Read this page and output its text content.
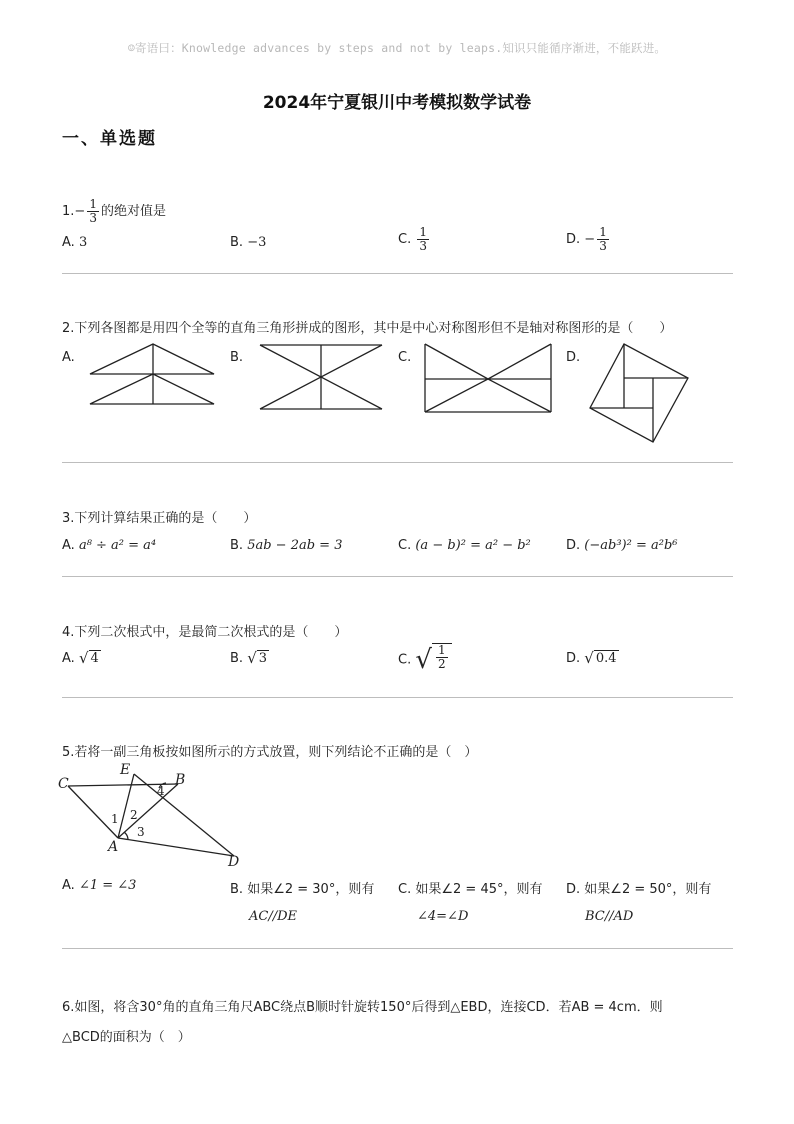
☺寄语曰：Knowledge advances by steps and not by leaps.知识只能循序渐进，不能跃进。
2024年宁夏银川中考模拟数学试卷
一、单选题
$1.- \frac{1}{3}$ 的绝对值是
A. 3	B. −3	C. $\frac{1}{3}$	D. − $\frac{1}{3}$
2.下列各图都是用四个全等的直角三角形拼成的图形，其中是中心对称图形但不是轴对称图形的是（　　）
A.	B.	C.	D.
3.下列计算结果正确的是（　　）
A. a⁸ ÷ a² = a⁴	B. 5ab − 2ab = 3	C. (a − b)² = a² − b²	D. (−ab³)² = a²b⁶
4.下列二次根式中，是最简二次根式的是（　　）
A. √ 4	B. √ 3	C. √ $\frac{1}{2}$	D. √ 0.4
5.若将一副三角板按如图所示的方式放置，则下列结论不正确的是（　）
C
E
B
A
D
1 2
3
4
A. ∠1 = ∠3	B. 如果∠2 = 30°，则有
AC//DE
C. 如果∠2 = 45°，则有
∠4=∠D
D. 如果∠2 = 50°，则有
BC//AD
6.如图，将含30°角的直角三角尺ABC绕点B顺时针旋转150°后得到△EBD，连接CD．若AB = 4cm．则
△BCD的面积为（　）
